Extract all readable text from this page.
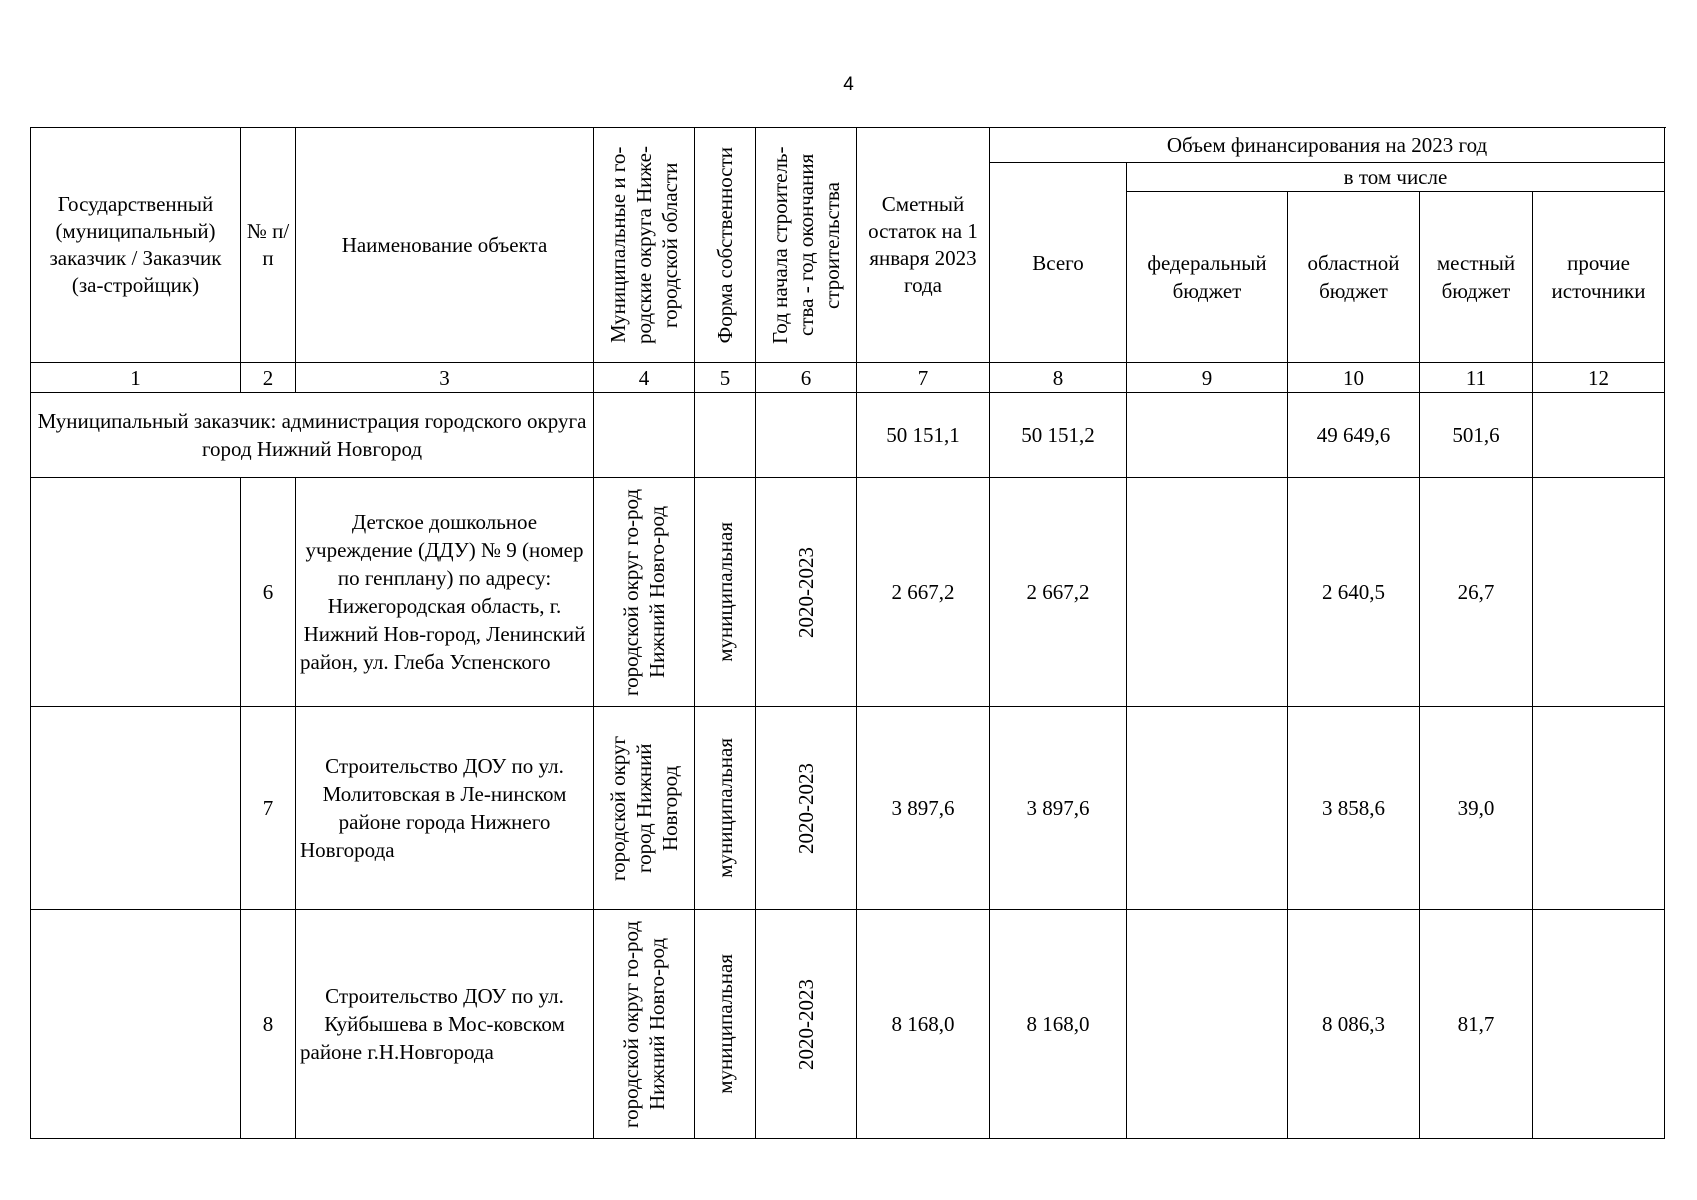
4
Государственный (муниципальный) заказчик / Заказчик (за-стройщик)	№ п/п	Наименование объекта	Муниципальные и го-родские округа Ниже-городской области	Форма собственности	Год начала строитель-ства - год окончания строительства	Сметный остаток на 1 января 2023 года	Объем финансирования на 2023 год				
							Всего	в том числе			
								федеральный бюджет	областной бюджет	местный бюджет	прочие источники
1	2	3	4	5	6	7	8	9	10	11	12
Муниципальный заказчик: администрация городского округа город Нижний Новгород						50 151,1	50 151,2		49 649,6	501,6	
	6	Детское дошкольное учреждение (ДДУ) № 9 (номер по генплану) по адресу: Нижегородская область, г. Нижний Нов-город, Ленинский район, ул. Глеба Успенского	городской округ го-род Нижний Новго-род	муниципальная	2020-2023	2 667,2	2 667,2		2 640,5	26,7	
	7	Строительство ДОУ по ул. Молитовская в Ле-нинском районе города Нижнего Новгорода	городской округ город Нижний Новгород	муниципальная	2020-2023	3 897,6	3 897,6		3 858,6	39,0	
	8	Строительство ДОУ по ул. Куйбышева в Мос-ковском районе г.Н.Новгорода	городской округ го-род Нижний Новго-род	муниципальная	2020-2023	8 168,0	8 168,0		8 086,3	81,7	
